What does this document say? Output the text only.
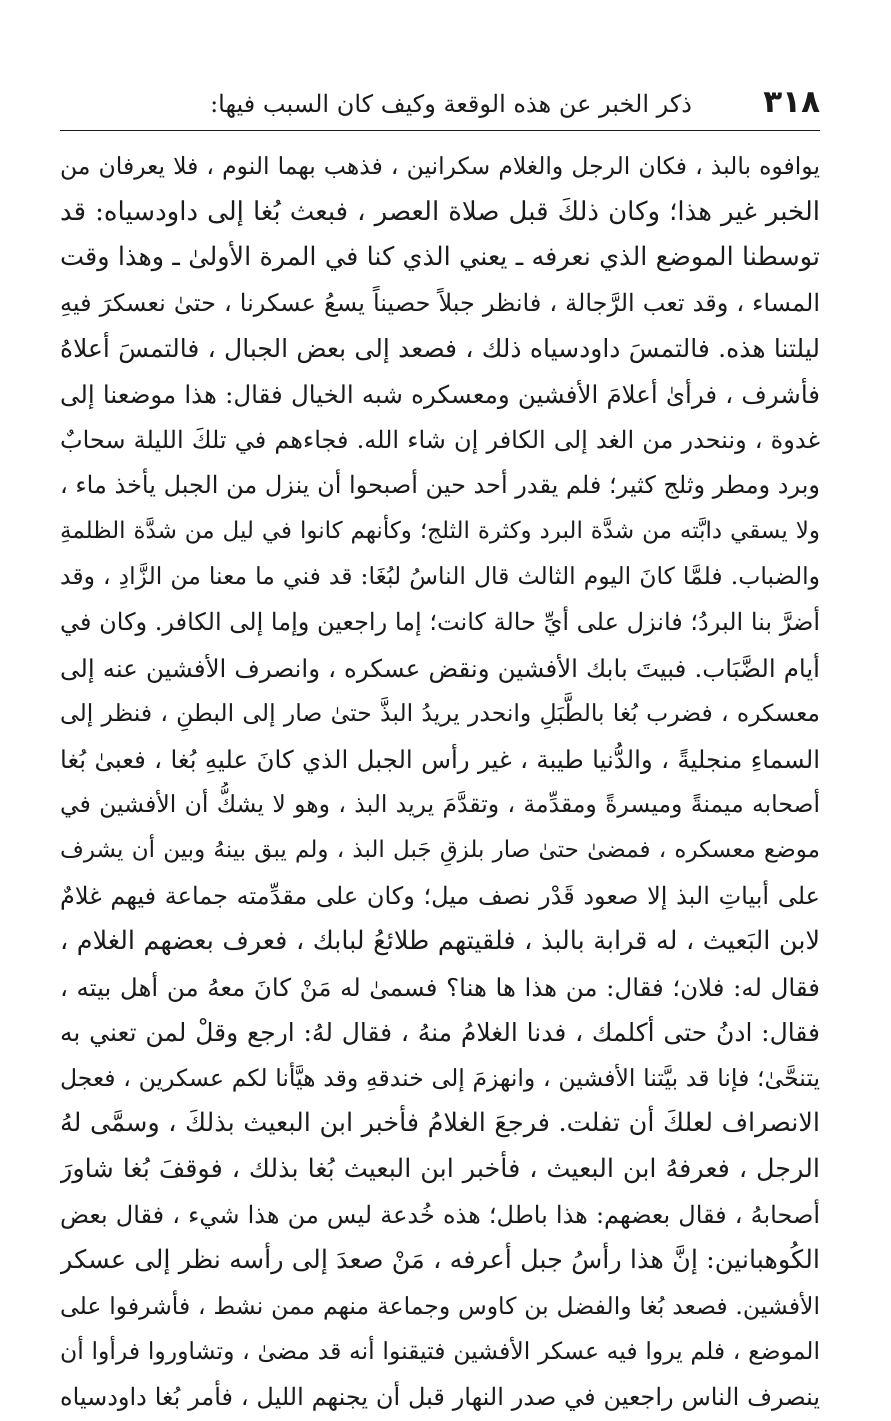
٣١٨
ذكر الخبر عن هذه الوقعة وكيف كان السبب فيها:
يوافوه بالبذ ، فكان الرجل والغلام سكرانين ، فذهب بهما النوم ، فلا يعرفان من
الخبر غير هذا؛ وكان ذلكَ قبل صلاة العصر ، فبعث بُغا إلى داودسياه: قد
توسطنا الموضع الذي نعرفه ـ يعني الذي كنا في المرة الأولىٰ ـ وهذا وقت
المساء ، وقد تعب الرَّجالة ، فانظر جبلاً حصيناً يسعُ عسكرنا ، حتىٰ نعسكرَ فيهِ
ليلتنا هذه. فالتمسَ داودسياه ذلك ، فصعد إلى بعض الجبال ، فالتمسَ أعلاهُ
فأشرف ، فرأىٰ أعلامَ الأفشين ومعسكره شبه الخيال فقال: هذا موضعنا إلى
غدوة ، وننحدر من الغد إلى الكافر إن شاء الله. فجاءهم في تلكَ الليلة سحابٌ
وبرد ومطر وثلج كثير؛ فلم يقدر أحد حين أصبحوا أن ينزل من الجبل يأخذ ماء ،
ولا يسقي دابَّته من شدَّة البرد وكثرة الثلج؛ وكأنهم كانوا في ليل من شدَّة الظلمةِ
والضباب. فلمَّا كانَ اليوم الثالث قال الناسُ لبُغَا: قد فني ما معنا من الزَّادِ ، وقد
أضرَّ بنا البردُ؛ فانزل على أيِّ حالة كانت؛ إما راجعين وإما إلى الكافر. وكان في
أيام الضَّبَاب. فبيتَ بابك الأفشين ونقض عسكره ، وانصرف الأفشين عنه إلى
معسكره ، فضرب بُغا بالطَّبَلِ وانحدر يريدُ البذَّ حتىٰ صار إلى البطنِ ، فنظر إلى
السماءِ منجليةً ، والدُّنيا طيبة ، غير رأس الجبل الذي كانَ عليهِ بُغا ، فعبىٰ بُغا
أصحابه ميمنةً وميسرةً ومقدِّمة ، وتقدَّمَ يريد البذ ، وهو لا يشكُّ أن الأفشين في
موضع معسكره ، فمضىٰ حتىٰ صار بلزقِ جَبل البذ ، ولم يبق بينهُ وبين أن يشرف
على أبياتِ البذ إلا صعود قَدْر نصف ميل؛ وكان على مقدِّمته جماعة فيهم غلامٌ
لابن البَعيث ، له قرابة بالبذ ، فلقيتهم طلائعُ لبابك ، فعرف بعضهم الغلام ،
فقال له: فلان؛ فقال: من هذا ها هنا؟ فسمىٰ له مَنْ كانَ معهُ من أهل بيته ،
فقال: ادنُ حتى أكلمك ، فدنا الغلامُ منهُ ، فقال لهُ: ارجع وقلْ لمن تعني به
يتنحَّىٰ؛ فإنا قد بيَّتنا الأفشين ، وانهزمَ إلى خندقهِ وقد هيَّأنا لكم عسكرين ، فعجل
الانصراف لعلكَ أن تفلت. فرجعَ الغلامُ فأخبر ابن البعيث بذلكَ ، وسمَّى لهُ
الرجل ، فعرفهُ ابن البعيث ، فأخبر ابن البعيث بُغا بذلك ، فوقفَ بُغا شاورَ
أصحابهُ ، فقال بعضهم: هذا باطل؛ هذه خُدعة ليس من هذا شيء ، فقال بعض
الكُوهبانين: إنَّ هذا رأسُ جبل أعرفه ، مَنْ صعدَ إلى رأسه نظر إلى عسكر
الأفشين. فصعد بُغا والفضل بن كاوس وجماعة منهم ممن نشط ، فأشرفوا على
الموضع ، فلم يروا فيه عسكر الأفشين فتيقنوا أنه قد مضىٰ ، وتشاوروا فرأوا أن
ينصرف الناس راجعين في صدر النهار قبل أن يجنهم الليل ، فأمر بُغا داودسياه
